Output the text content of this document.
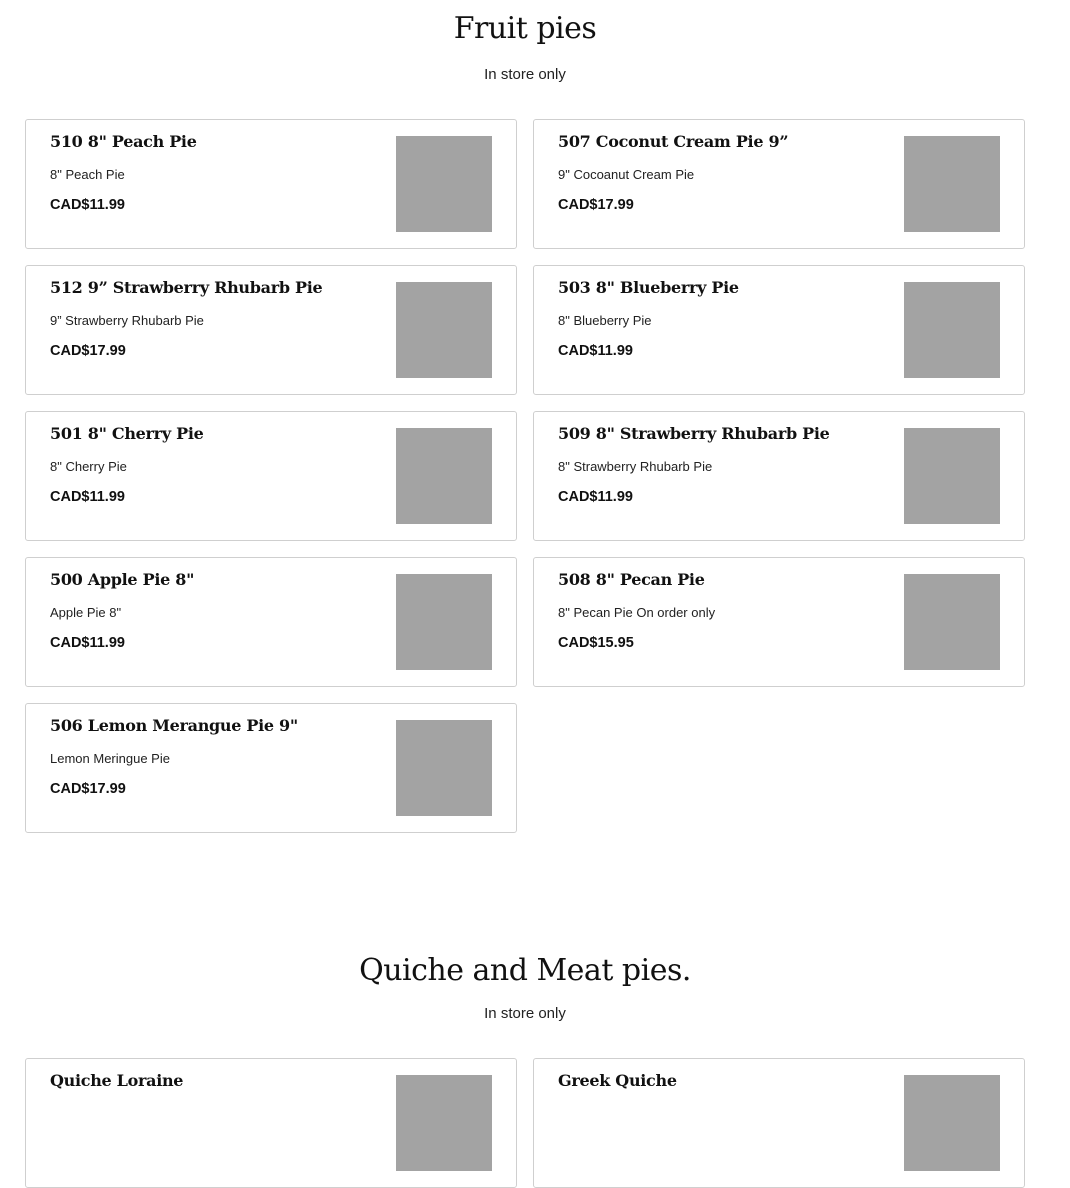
Fruit pies

In store only

510 8" Peach Pie
8" Peach Pie
CAD$11.99
507 Coconut Cream Pie 9”
9" Cocoanut Cream Pie
CAD$17.99
512 9” Strawberry Rhubarb Pie
9” Strawberry Rhubarb Pie
CAD$17.99
503 8" Blueberry Pie
8" Blueberry Pie
CAD$11.99
501 8" Cherry Pie
8" Cherry Pie
CAD$11.99
509 8" Strawberry Rhubarb Pie
8" Strawberry Rhubarb Pie
CAD$11.99
500 Apple Pie 8"
Apple Pie 8"
CAD$11.99
508 8" Pecan Pie
8" Pecan Pie On order only
CAD$15.95
506 Lemon Merangue Pie 9"
Lemon Meringue Pie
CAD$17.99
Quiche and Meat pies.

In store only

Quiche Loraine	Greek Quiche
